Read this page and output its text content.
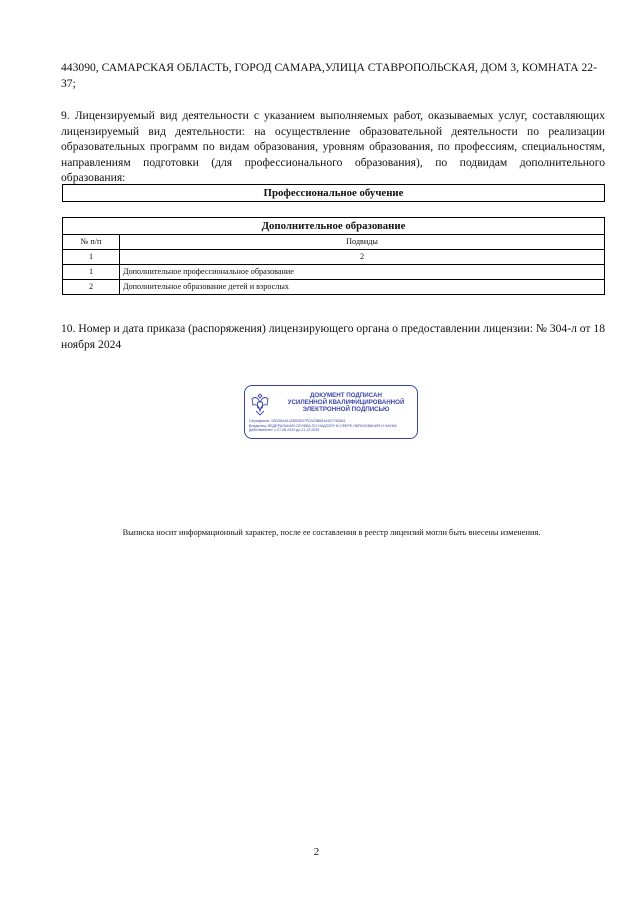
443090, САМАРСКАЯ ОБЛАСТЬ, ГОРОД САМАРА,УЛИЦА СТАВРОПОЛЬСКАЯ, ДОМ 3, КОМНАТА 22-37;
9. Лицензируемый вид деятельности с указанием выполняемых работ, оказываемых услуг, составляющих лицензируемый вид деятельности: на осуществление образовательной деятельности по реализации образовательных программ по видам образования, уровням образования, по профессиям, специальностям, направлениям подготовки (для профессионального образования), по подвидам дополнительного образования:
Профессиональное обучение
Дополнительное образование	
№ п/п	Подвиды
1	2
1	Дополнительное профессиональное образование
2	Дополнительное образование детей и взрослых
10. Номер и дата приказа (распоряжения) лицензирующего органа о предоставлении лицензии: № 304-л от 18 ноября 2024
ДОКУМЕНТ ПОДПИСАН
УСИЛЕННОЙ КВАЛИФИЦИРОВАННОЙ
ЭЛЕКТРОННОЙ ПОДПИСЬЮ
Сертификат: 00D0A9A142EB3E07FEA23B694A927760801
Владелец: ФЕДЕРАЛЬНАЯ СЛУЖБА ПО НАДЗОРУ В СФЕРЕ ОБРАЗОВАНИЯ И НАУКИ
Действителен: с 27.08.2024 до 21.12.2025
Выписка носит информационный характер, после ее составления в реестр лицензий могли быть внесены изменения.
2
